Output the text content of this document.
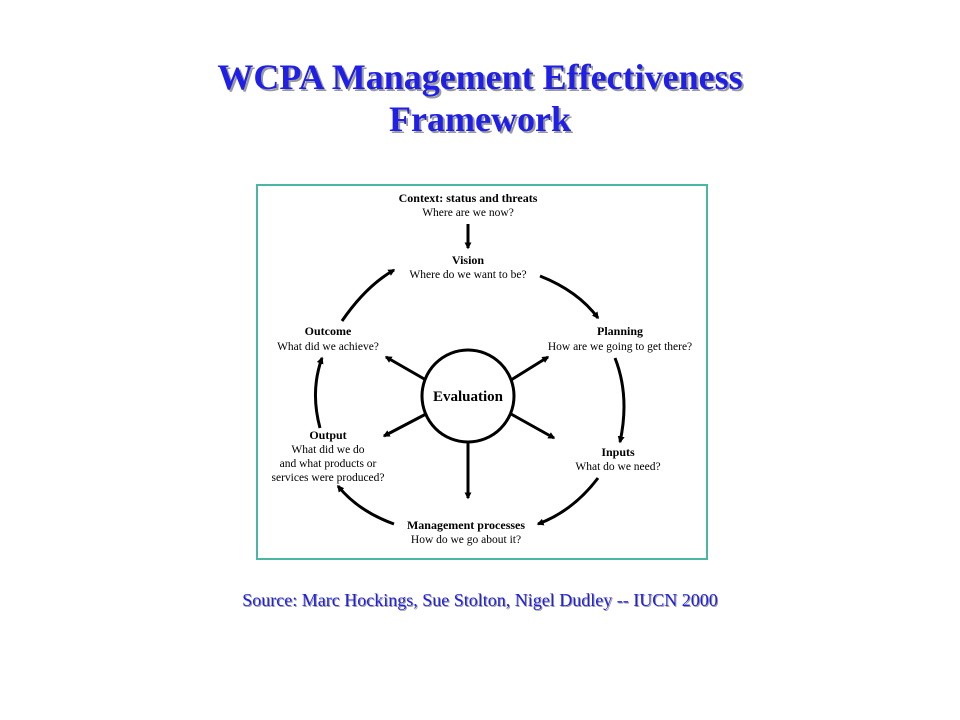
WCPA Management Effectiveness
Framework
Context: status and threats
Where are we now?
Vision
Where do we want to be?
Planning
How are we going to get there?
Inputs
What do we need?
Management processes
How do we go about it?
Output
What did we do
and what products or
services were produced?
Outcome
What did we achieve?
Evaluation
Source: Marc Hockings, Sue Stolton, Nigel Dudley -- IUCN 2000
